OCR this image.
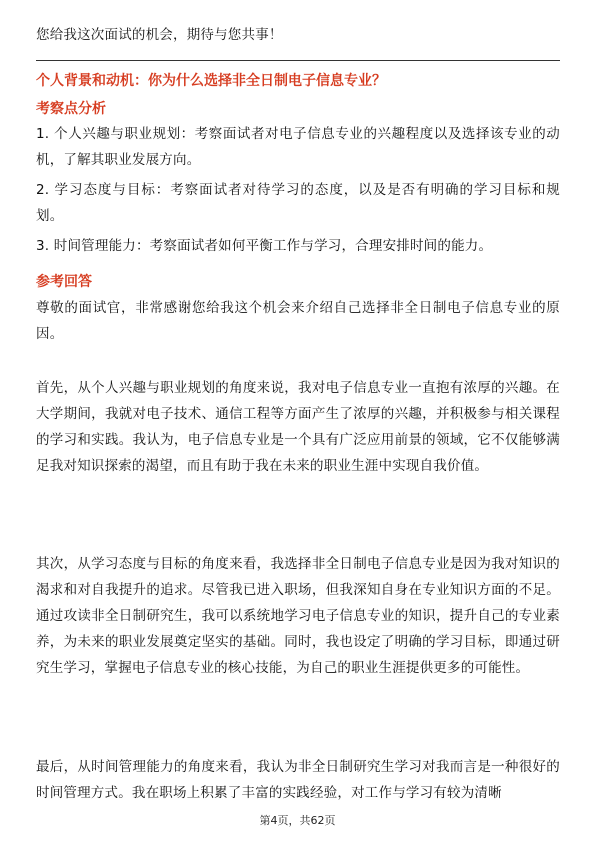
您给我这次面试的机会，期待与您共事！

个人背景和动机：你为什么选择非全日制电子信息专业？
考察点分析

1. 个人兴趣与职业规划：考察面试者对电子信息专业的兴趣程度以及选择该专业的动机，了解其职业发展方向。

2. 学习态度与目标：考察面试者对待学习的态度，以及是否有明确的学习目标和规划。

3. 时间管理能力：考察面试者如何平衡工作与学习，合理安排时间的能力。

参考回答

尊敬的面试官，非常感谢您给我这个机会来介绍自己选择非全日制电子信息专业的原因。

首先，从个人兴趣与职业规划的角度来说，我对电子信息专业一直抱有浓厚的兴趣。在大学期间，我就对电子技术、通信工程等方面产生了浓厚的兴趣，并积极参与相关课程的学习和实践。我认为，电子信息专业是一个具有广泛应用前景的领域，它不仅能够满足我对知识探索的渴望，而且有助于我在未来的职业生涯中实现自我价值。

其次，从学习态度与目标的角度来看，我选择非全日制电子信息专业是因为我对知识的渴求和对自我提升的追求。尽管我已进入职场，但我深知自身在专业知识方面的不足。通过攻读非全日制研究生，我可以系统地学习电子信息专业的知识，提升自己的专业素养，为未来的职业发展奠定坚实的基础。同时，我也设定了明确的学习目标，即通过研究生学习，掌握电子信息专业的核心技能，为自己的职业生涯提供更多的可能性。

最后，从时间管理能力的角度来看，我认为非全日制研究生学习对我而言是一种很好的时间管理方式。我在职场上积累了丰富的实践经验，对工作与学习有较为清晰

第4页，共62页
